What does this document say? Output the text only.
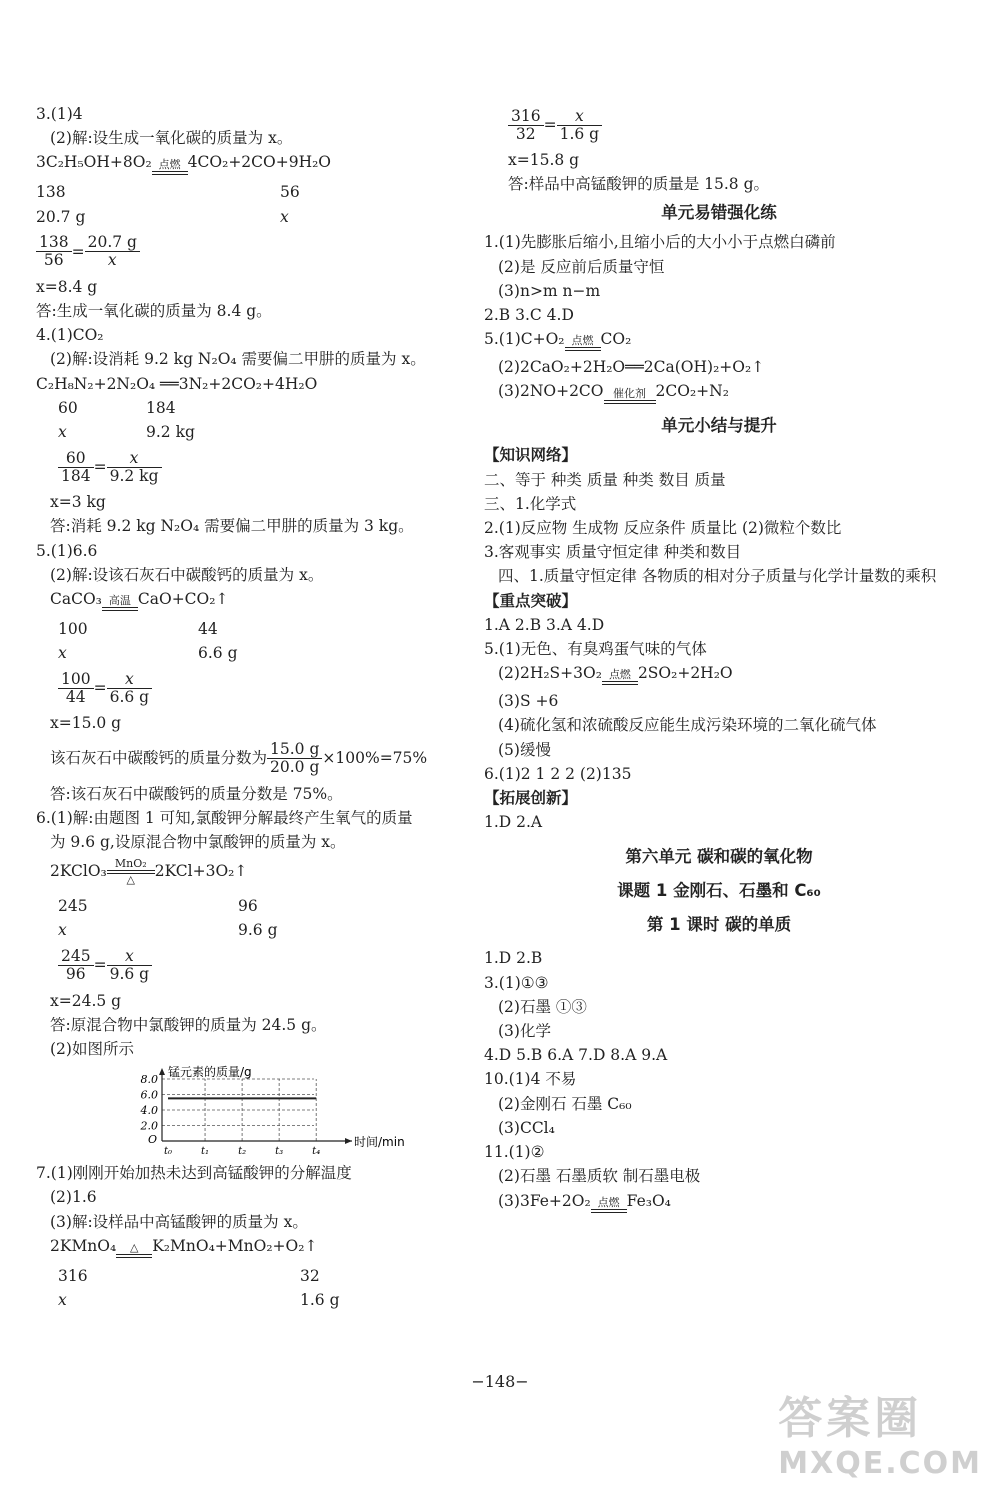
3.(1)4
(2)解:设生成一氧化碳的质量为 x。
3C₂H₅OH+8O₂ 点燃 4CO₂+2CO+9H₂O
138	56
20.7 g	x
$\frac{138}{56} = \frac{20.7 g}{x}$
x=8.4 g
答:生成一氧化碳的质量为 8.4 g。
4.(1)CO₂
(2)解:设消耗 9.2 kg N₂O₄ 需要偏二甲肼的质量为 x。
C₂H₈N₂+2N₂O₄ ══3N₂+2CO₂+4H₂O
60	184
x	9.2 kg
$\frac{60}{184} = \frac{x}{9.2 kg}$
x=3 kg
答:消耗 9.2 kg N₂O₄ 需要偏二甲肼的质量为 3 kg。
5.(1)6.6
(2)解:设该石灰石中碳酸钙的质量为 x。
CaCO₃ 高温 CaO+CO₂↑
100	44
x	6.6 g
$\frac{100}{44} = \frac{x}{6.6 g}$
x=15.0 g
该石灰石中碳酸钙的质量分数为 $\frac{15.0 g}{20.0 g} \times 100\%=75\%$
答:该石灰石中碳酸钙的质量分数是 75%。
6.(1)解:由题图 1 可知,氯酸钾分解最终产生氧气的质量
为 9.6 g,设原混合物中氯酸钾的质量为 x。
2KClO₃ MnO₂
△	2KCl+3O₂↑
245	96
x	9.6 g
$\frac{245}{96} = \frac{x}{9.6 g}$
x=24.5 g
答:原混合物中氯酸钾的质量为 24.5 g。
(2)如图所示
8.0
6.0
4.0
2.0
t₀	t₁	t₂	t₃	t₄
锰元素的质量/g
时间/min
O
7.(1)刚刚开始加热未达到高锰酸钾的分解温度
(2)1.6
(3)解:设样品中高锰酸钾的质量为 x。
2KMnO₄	△ K₂MnO₄+MnO₂+O₂↑
316	32
x	1.6 g
$\frac{316}{32} = \frac{x}{1.6 g}$
x=15.8 g
答:样品中高锰酸钾的质量是 15.8 g。
单元易错强化练
1.(1)先膨胀后缩小,且缩小后的大小小于点燃白磷前
(2)是 反应前后质量守恒
(3)n>m n−m
2.B 3.C 4.D
5.(1)C+O₂ 点燃 CO₂
(2)2CaO₂+2H₂O══2Ca(OH)₂+O₂↑
(3)2NO+2CO 催化剂 2CO₂+N₂
单元小结与提升
【知识网络】
二、等于 种类 质量 种类 数目 质量
三、1.化学式
2.(1)反应物 生成物 反应条件 质量比 (2)微粒个数比
3.客观事实 质量守恒定律 种类和数目
四、1.质量守恒定律 各物质的相对分子质量与化学计量数的乘积
【重点突破】
1.A 2.B 3.A 4.D
5.(1)无色、有臭鸡蛋气味的气体
(2)2H₂S+3O₂ 点燃 2SO₂+2H₂O
(3)S +6
(4)硫化氢和浓硫酸反应能生成污染环境的二氧化硫气体
(5)缓慢
6.(1)2 1 2 2 (2)135
【拓展创新】
1.D 2.A
第六单元 碳和碳的氧化物
课题 1 金刚石、石墨和 C₆₀
第 1 课时 碳的单质
1.D 2.B
3.(1)①③
(2)石墨 ①③
(3)化学
4.D 5.B 6.A 7.D 8.A 9.A
10.(1)4 不易
(2)金刚石 石墨 C₆₀
(3)CCl₄
11.(1)②
(2)石墨 石墨质软 制石墨电极
(3)3Fe+2O₂ 点燃 Fe₃O₄
−148−
答案圈
MXQE.COM
